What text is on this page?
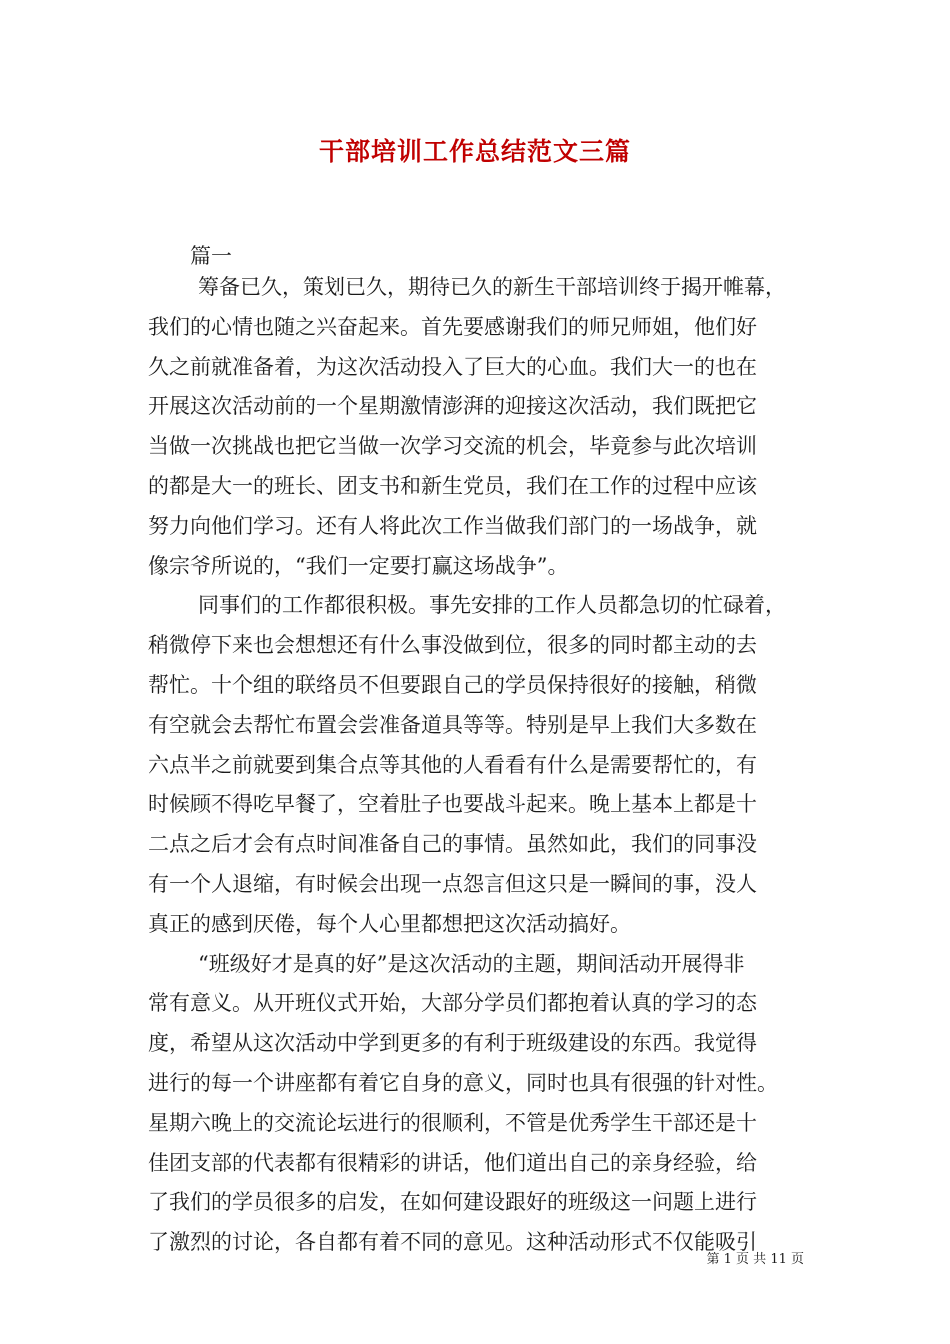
干部培训工作总结范文三篇

篇一

筹备已久，策划已久，期待已久的新生干部培训终于揭开帷幕，
我们的心情也随之兴奋起来。首先要感谢我们的师兄师姐，他们好
久之前就准备着，为这次活动投入了巨大的心血。我们大一的也在
开展这次活动前的一个星期激情澎湃的迎接这次活动，我们既把它
当做一次挑战也把它当做一次学习交流的机会，毕竟参与此次培训
的都是大一的班长、团支书和新生党员，我们在工作的过程中应该
努力向他们学习。还有人将此次工作当做我们部门的一场战争，就
像宗爷所说的，“我们一定要打赢这场战争”。
同事们的工作都很积极。事先安排的工作人员都急切的忙碌着，
稍微停下来也会想想还有什么事没做到位，很多的同时都主动的去
帮忙。十个组的联络员不但要跟自己的学员保持很好的接触，稍微
有空就会去帮忙布置会尝准备道具等等。特别是早上我们大多数在
六点半之前就要到集合点等其他的人看看有什么是需要帮忙的，有
时候顾不得吃早餐了，空着肚子也要战斗起来。晚上基本上都是十
二点之后才会有点时间准备自己的事情。虽然如此，我们的同事没
有一个人退缩，有时候会出现一点怨言但这只是一瞬间的事，没人
真正的感到厌倦，每个人心里都想把这次活动搞好。
“班级好才是真的好”是这次活动的主题，期间活动开展得非
常有意义。从开班仪式开始，大部分学员们都抱着认真的学习的态
度，希望从这次活动中学到更多的有利于班级建设的东西。我觉得
进行的每一个讲座都有着它自身的意义，同时也具有很强的针对性。
星期六晚上的交流论坛进行的很顺利，不管是优秀学生干部还是十
佳团支部的代表都有很精彩的讲话，他们道出自己的亲身经验，给
了我们的学员很多的启发，在如何建设跟好的班级这一问题上进行
了激烈的讨论，各自都有着不同的意见。这种活动形式不仅能吸引
第 1 页 共 11 页
